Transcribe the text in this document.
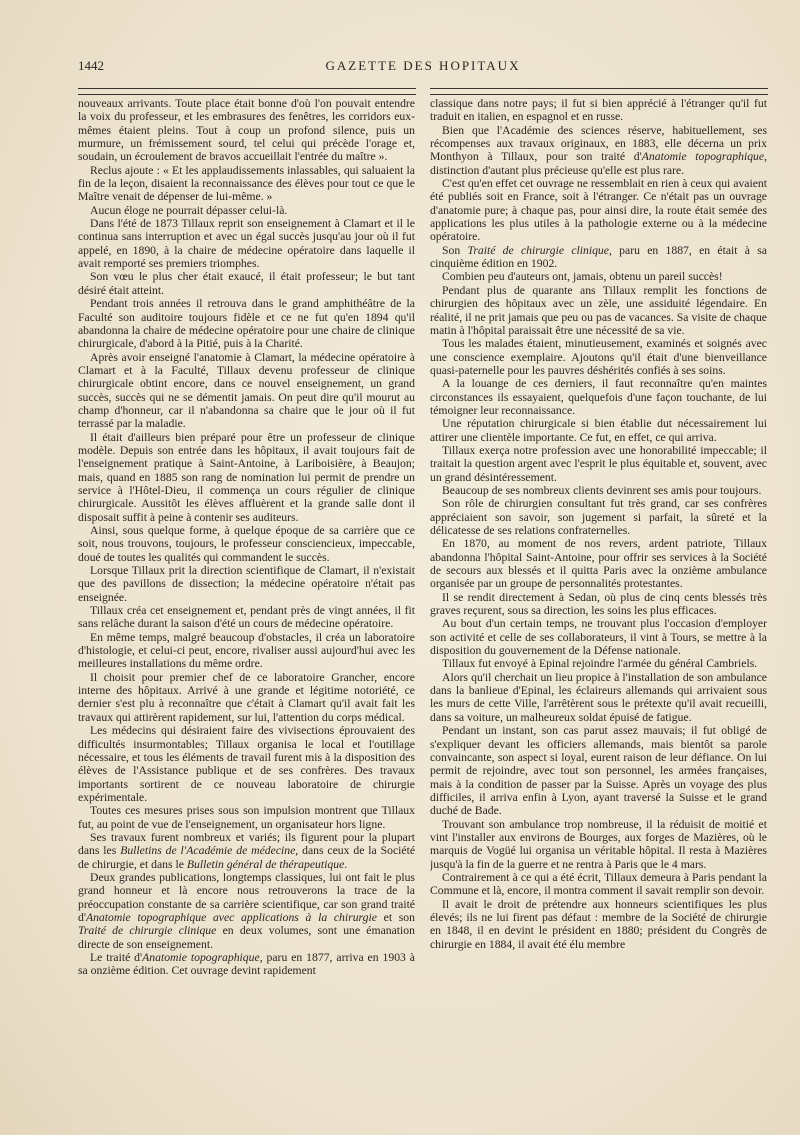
1442	GAZETTE DES HOPITAUX

nouveaux arrivants. Toute place était bonne d'où l'on pouvait entendre la voix du professeur, et les embrasures des fenêtres, les corridors eux-mêmes étaient pleins. Tout à coup un profond silence, puis un murmure, un frémissement sourd, tel celui qui précède l'orage et, soudain, un écroulement de bravos accueillait l'entrée du maître ».

Reclus ajoute : « Et les applaudissements inlassables, qui saluaient la fin de la leçon, disaient la reconnaissance des élèves pour tout ce que le Maître venait de dépenser de lui-même. »

Aucun éloge ne pourrait dépasser celui-là.

Dans l'été de 1873 Tillaux reprit son enseignement à Clamart et il le continua sans interruption et avec un égal succès jusqu'au jour où il fut appelé, en 1890, à la chaire de médecine opératoire dans laquelle il avait remporté ses premiers triomphes.

Son vœu le plus cher était exaucé, il était professeur; le but tant désiré était atteint.

Pendant trois années il retrouva dans le grand amphithéâtre de la Faculté son auditoire toujours fidèle et ce ne fut qu'en 1894 qu'il abandonna la chaire de médecine opératoire pour une chaire de clinique chirurgicale, d'abord à la Pitié, puis à la Charité.

Après avoir enseigné l'anatomie à Clamart, la médecine opératoire à Clamart et à la Faculté, Tillaux devenu professeur de clinique chirurgicale obtint encore, dans ce nouvel enseignement, un grand succès, succès qui ne se démentit jamais. On peut dire qu'il mourut au champ d'honneur, car il n'abandonna sa chaire que le jour où il fut terrassé par la maladie.

Il était d'ailleurs bien préparé pour être un professeur de clinique modèle. Depuis son entrée dans les hôpitaux, il avait toujours fait de l'enseignement pratique à Saint-Antoine, à Lariboisière, à Beaujon; mais, quand en 1885 son rang de nomination lui permit de prendre un service à l'Hôtel-Dieu, il commença un cours régulier de clinique chirurgicale. Aussitôt les élèves affluèrent et la grande salle dont il disposait suffit à peine à contenir ses auditeurs.

Ainsi, sous quelque forme, à quelque époque de sa carrière que ce soit, nous trouvons, toujours, le professeur consciencieux, impeccable, doué de toutes les qualités qui commandent le succès.

Lorsque Tillaux prit la direction scientifique de Clamart, il n'existait que des pavillons de dissection; la médecine opératoire n'était pas enseignée.

Tillaux créa cet enseignement et, pendant près de vingt années, il fit sans relâche durant la saison d'été un cours de médecine opératoire.

En même temps, malgré beaucoup d'obstacles, il créa un laboratoire d'histologie, et celui-ci peut, encore, rivaliser aussi aujourd'hui avec les meilleures installations du même ordre.

Il choisit pour premier chef de ce laboratoire Grancher, encore interne des hôpitaux. Arrivé à une grande et légitime notoriété, ce dernier s'est plu à reconnaître que c'était à Clamart qu'il avait fait les travaux qui attirèrent rapidement, sur lui, l'attention du corps médical.

Les médecins qui désiraient faire des vivisections éprouvaient des difficultés insurmontables; Tillaux organisa le local et l'outillage nécessaire, et tous les éléments de travail furent mis à la disposition des élèves de l'Assistance publique et de ses confrères. Des travaux importants sortirent de ce nouveau laboratoire de chirurgie expérimentale.

Toutes ces mesures prises sous son impulsion montrent que Tillaux fut, au point de vue de l'enseignement, un organisateur hors ligne.

Ses travaux furent nombreux et variés; ils figurent pour la plupart dans les Bulletins de l'Académie de médecine, dans ceux de la Société de chirurgie, et dans le Bulletin général de thérapeutique.

Deux grandes publications, longtemps classiques, lui ont fait le plus grand honneur et là encore nous retrouverons la trace de la préoccupation constante de sa carrière scientifique, car son grand traité d'Anatomie topographique avec applications à la chirurgie et son Traité de chirurgie clinique en deux volumes, sont une émanation directe de son enseignement.

Le traité d'Anatomie topographique, paru en 1877, arriva en 1903 à sa onzième édition. Cet ouvrage devint rapidement

classique dans notre pays; il fut si bien apprécié à l'étranger qu'il fut traduit en italien, en espagnol et en russe.

Bien que l'Académie des sciences réserve, habituellement, ses récompenses aux travaux originaux, en 1883, elle décerna un prix Monthyon à Tillaux, pour son traité d'Anatomie topographique, distinction d'autant plus précieuse qu'elle est plus rare.

C'est qu'en effet cet ouvrage ne ressemblait en rien à ceux qui avaient été publiés soit en France, soit à l'étranger. Ce n'était pas un ouvrage d'anatomie pure; à chaque pas, pour ainsi dire, la route était semée des applications les plus utiles à la pathologie externe ou à la médecine opératoire.

Son Traité de chirurgie clinique, paru en 1887, en était à sa cinquième édition en 1902.

Combien peu d'auteurs ont, jamais, obtenu un pareil succès!

Pendant plus de quarante ans Tillaux remplit les fonctions de chirurgien des hôpitaux avec un zèle, une assiduité légendaire. En réalité, il ne prit jamais que peu ou pas de vacances. Sa visite de chaque matin à l'hôpital paraissait être une nécessité de sa vie.

Tous les malades étaient, minutieusement, examinés et soignés avec une conscience exemplaire. Ajoutons qu'il était d'une bienveillance quasi-paternelle pour les pauvres déshérités confiés à ses soins.

A la louange de ces derniers, il faut reconnaître qu'en maintes circonstances ils essayaient, quelquefois d'une façon touchante, de lui témoigner leur reconnaissance.

Une réputation chirurgicale si bien établie dut nécessairement lui attirer une clientèle importante. Ce fut, en effet, ce qui arriva.

Tillaux exerça notre profession avec une honorabilité impeccable; il traitait la question argent avec l'esprit le plus équitable et, souvent, avec un grand désintéressement.

Beaucoup de ses nombreux clients devinrent ses amis pour toujours.

Son rôle de chirurgien consultant fut très grand, car ses confrères appréciaient son savoir, son jugement si parfait, la sûreté et la délicatesse de ses relations confraternelles.

En 1870, au moment de nos revers, ardent patriote, Tillaux abandonna l'hôpital Saint-Antoine, pour offrir ses services à la Société de secours aux blessés et il quitta Paris avec la onzième ambulance organisée par un groupe de personnalités protestantes.

Il se rendit directement à Sedan, où plus de cinq cents blessés très graves reçurent, sous sa direction, les soins les plus efficaces.

Au bout d'un certain temps, ne trouvant plus l'occasion d'employer son activité et celle de ses collaborateurs, il vint à Tours, se mettre à la disposition du gouvernement de la Défense nationale.

Tillaux fut envoyé à Epinal rejoindre l'armée du général Cambriels.

Alors qu'il cherchait un lieu propice à l'installation de son ambulance dans la banlieue d'Epinal, les éclaireurs allemands qui arrivaient sous les murs de cette Ville, l'arrêtèrent sous le prétexte qu'il avait recueilli, dans sa voiture, un malheureux soldat épuisé de fatigue.

Pendant un instant, son cas parut assez mauvais; il fut obligé de s'expliquer devant les officiers allemands, mais bientôt sa parole convaincante, son aspect si loyal, eurent raison de leur défiance. On lui permit de rejoindre, avec tout son personnel, les armées françaises, mais à la condition de passer par la Suisse. Après un voyage des plus difficiles, il arriva enfin à Lyon, ayant traversé la Suisse et le grand duché de Bade.

Trouvant son ambulance trop nombreuse, il la réduisit de moitié et vint l'installer aux environs de Bourges, aux forges de Mazières, où le marquis de Vogüé lui organisa un véritable hôpital. Il resta à Mazières jusqu'à la fin de la guerre et ne rentra à Paris que le 4 mars.

Contrairement à ce qui a été écrit, Tillaux demeura à Paris pendant la Commune et là, encore, il montra comment il savait remplir son devoir.

Il avait le droit de prétendre aux honneurs scientifiques les plus élevés; ils ne lui firent pas défaut : membre de la Société de chirurgie en 1848, il en devint le président en 1880; président du Congrès de chirurgie en 1884, il avait été élu membre
